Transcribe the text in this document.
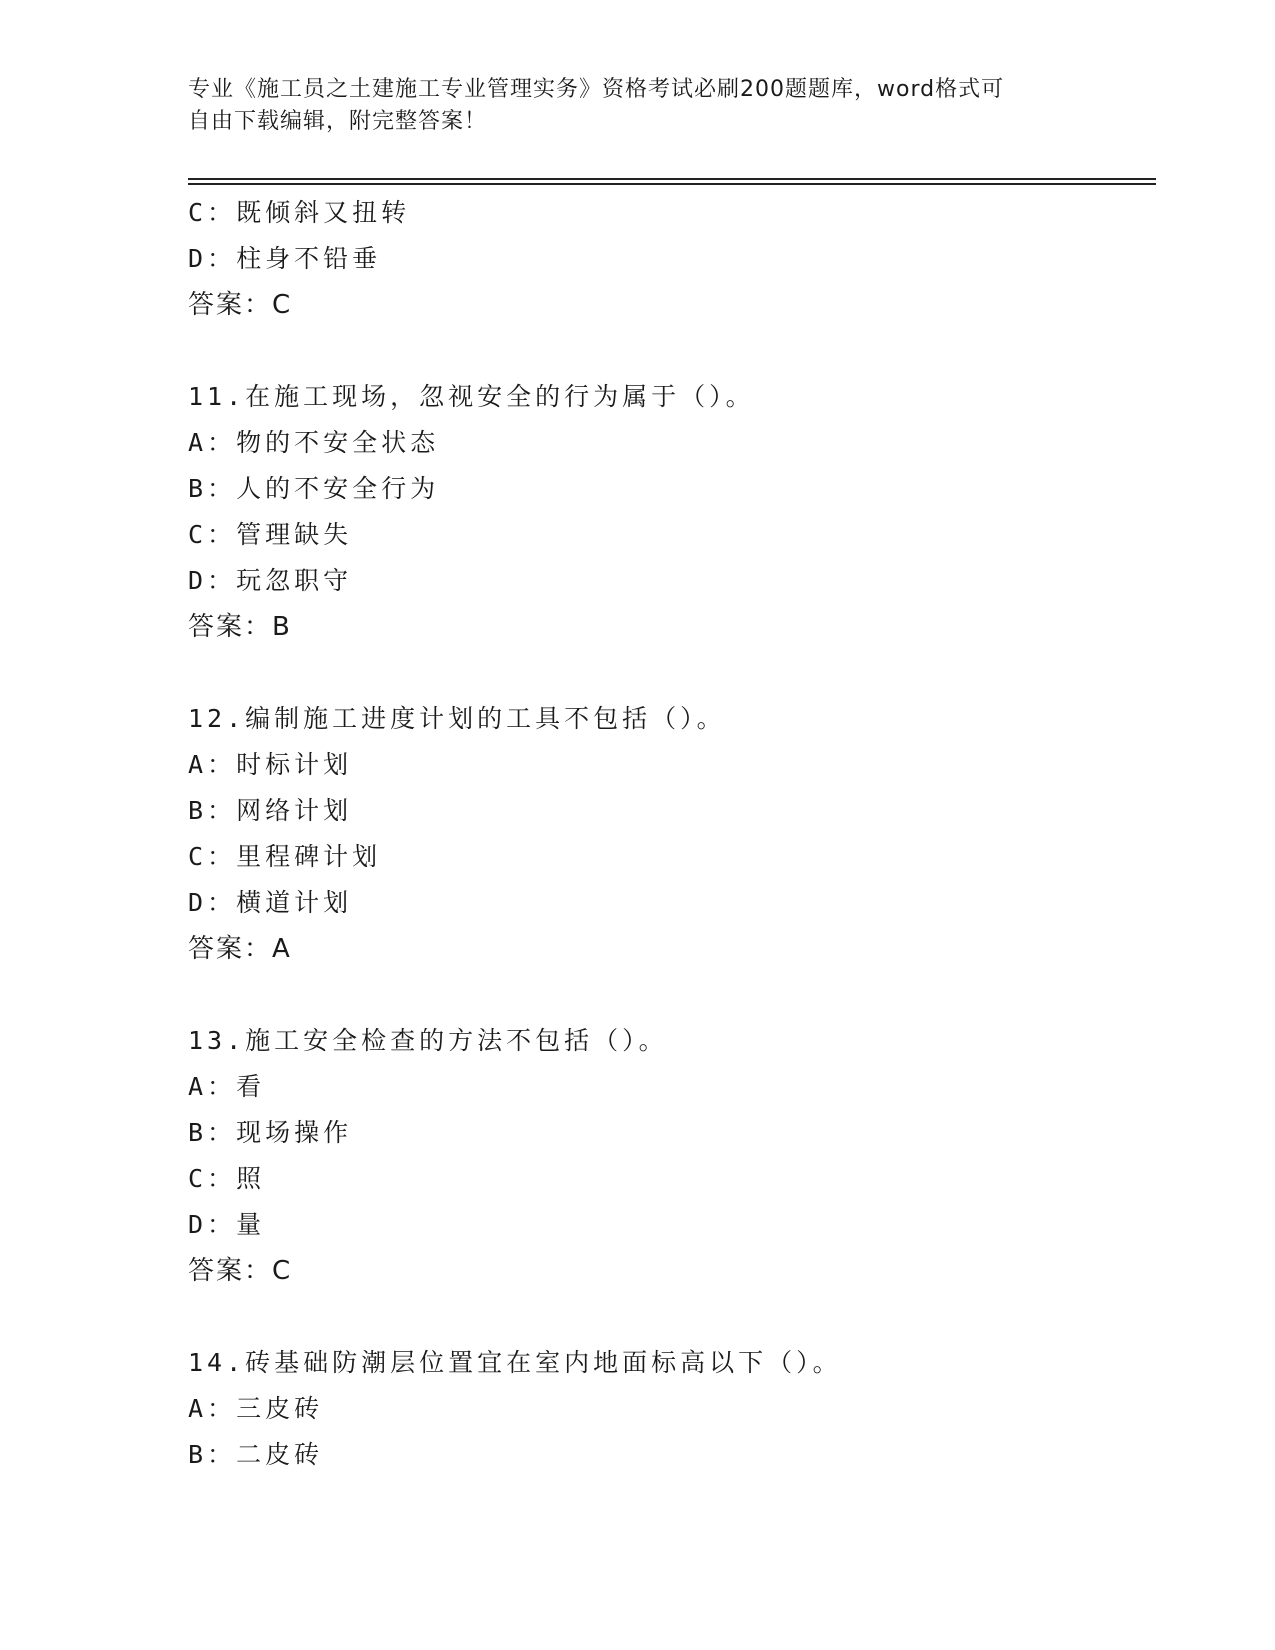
专业《施工员之土建施工专业管理实务》资格考试必刷200题题库，word格式可
自由下载编辑，附完整答案！
C：既倾斜又扭转
D：柱身不铅垂
答案：C
11.在施工现场，忽视安全的行为属于（）。
A：物的不安全状态
B：人的不安全行为
C：管理缺失
D：玩忽职守
答案：B
12.编制施工进度计划的工具不包括（）。
A：时标计划
B：网络计划
C：里程碑计划
D：横道计划
答案：A
13.施工安全检查的方法不包括（）。
A：看
B：现场操作
C：照
D：量
答案：C
14.砖基础防潮层位置宜在室内地面标高以下（）。
A：三皮砖
B：二皮砖
